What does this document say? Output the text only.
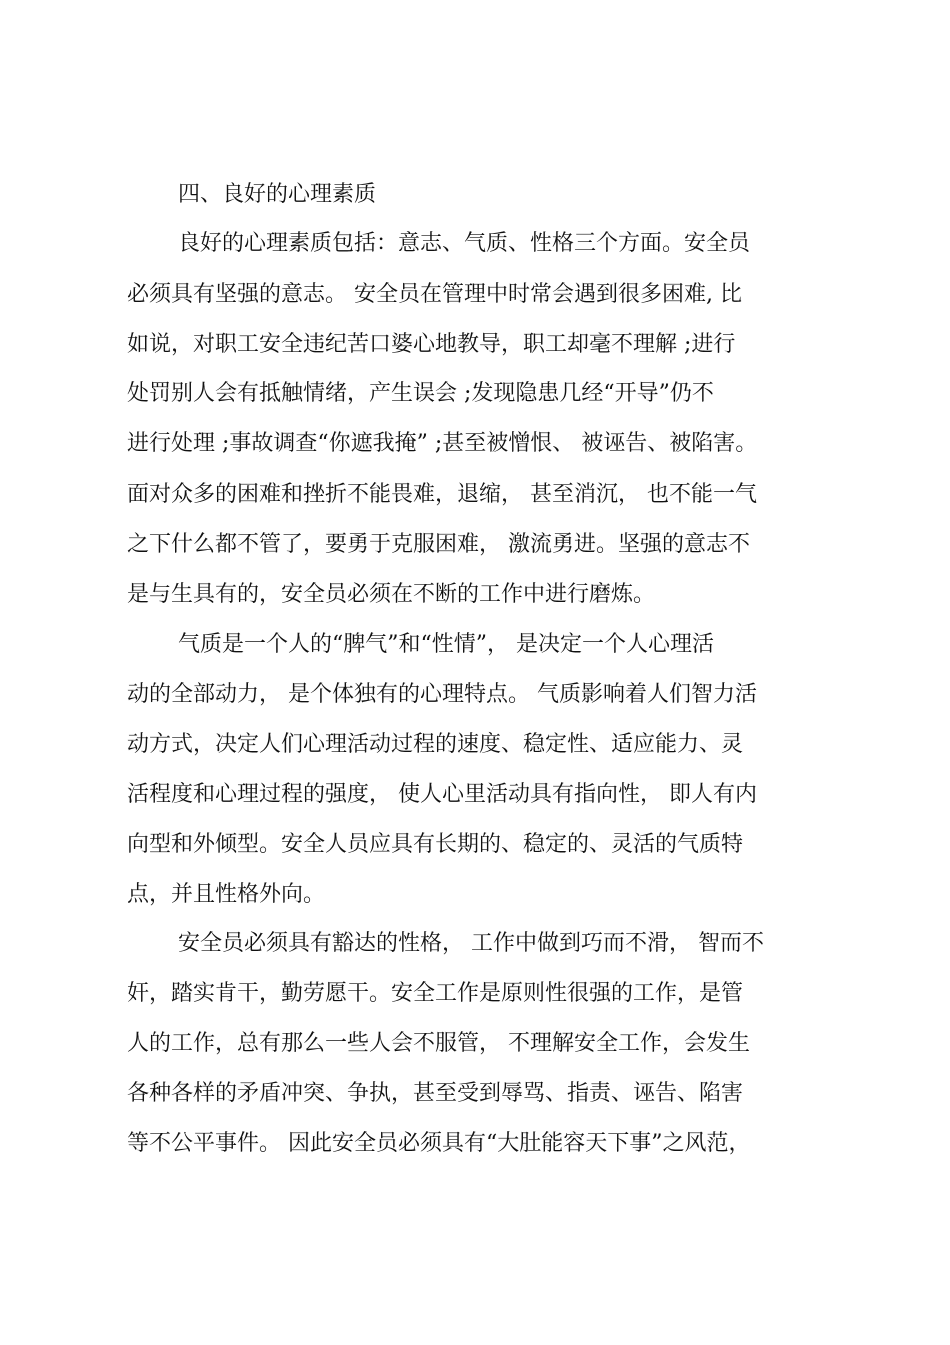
四、良好的心理素质
良好的心理素质包括：意志、气质、性格三个方面。安全员
必须具有坚强的意志。 安全员在管理中时常会遇到很多困难, 比
如说，对职工安全违纪苦口婆心地教导，职工却毫不理解 ;进行
处罚别人会有抵触情绪，产生误会 ;发现隐患几经“开导”仍不
进行处理 ;事故调查“你遮我掩” ;甚至被憎恨、 被诬告、被陷害。
面对众多的困难和挫折不能畏难，退缩， 甚至消沉， 也不能一气
之下什么都不管了，要勇于克服困难， 激流勇进。坚强的意志不
是与生具有的，安全员必须在不断的工作中进行磨炼。
气质是一个人的“脾气”和“性情”， 是决定一个人心理活
动的全部动力， 是个体独有的心理特点。 气质影响着人们智力活
动方式，决定人们心理活动过程的速度、稳定性、适应能力、灵
活程度和心理过程的强度， 使人心里活动具有指向性， 即人有内
向型和外倾型。安全人员应具有长期的、稳定的、灵活的气质特
点，并且性格外向。
安全员必须具有豁达的性格， 工作中做到巧而不滑， 智而不
奸，踏实肯干，勤劳愿干。安全工作是原则性很强的工作，是管
人的工作，总有那么一些人会不服管， 不理解安全工作，会发生
各种各样的矛盾冲突、争执，甚至受到辱骂、指责、诬告、陷害
等不公平事件。 因此安全员必须具有“大肚能容天下事”之风范，
